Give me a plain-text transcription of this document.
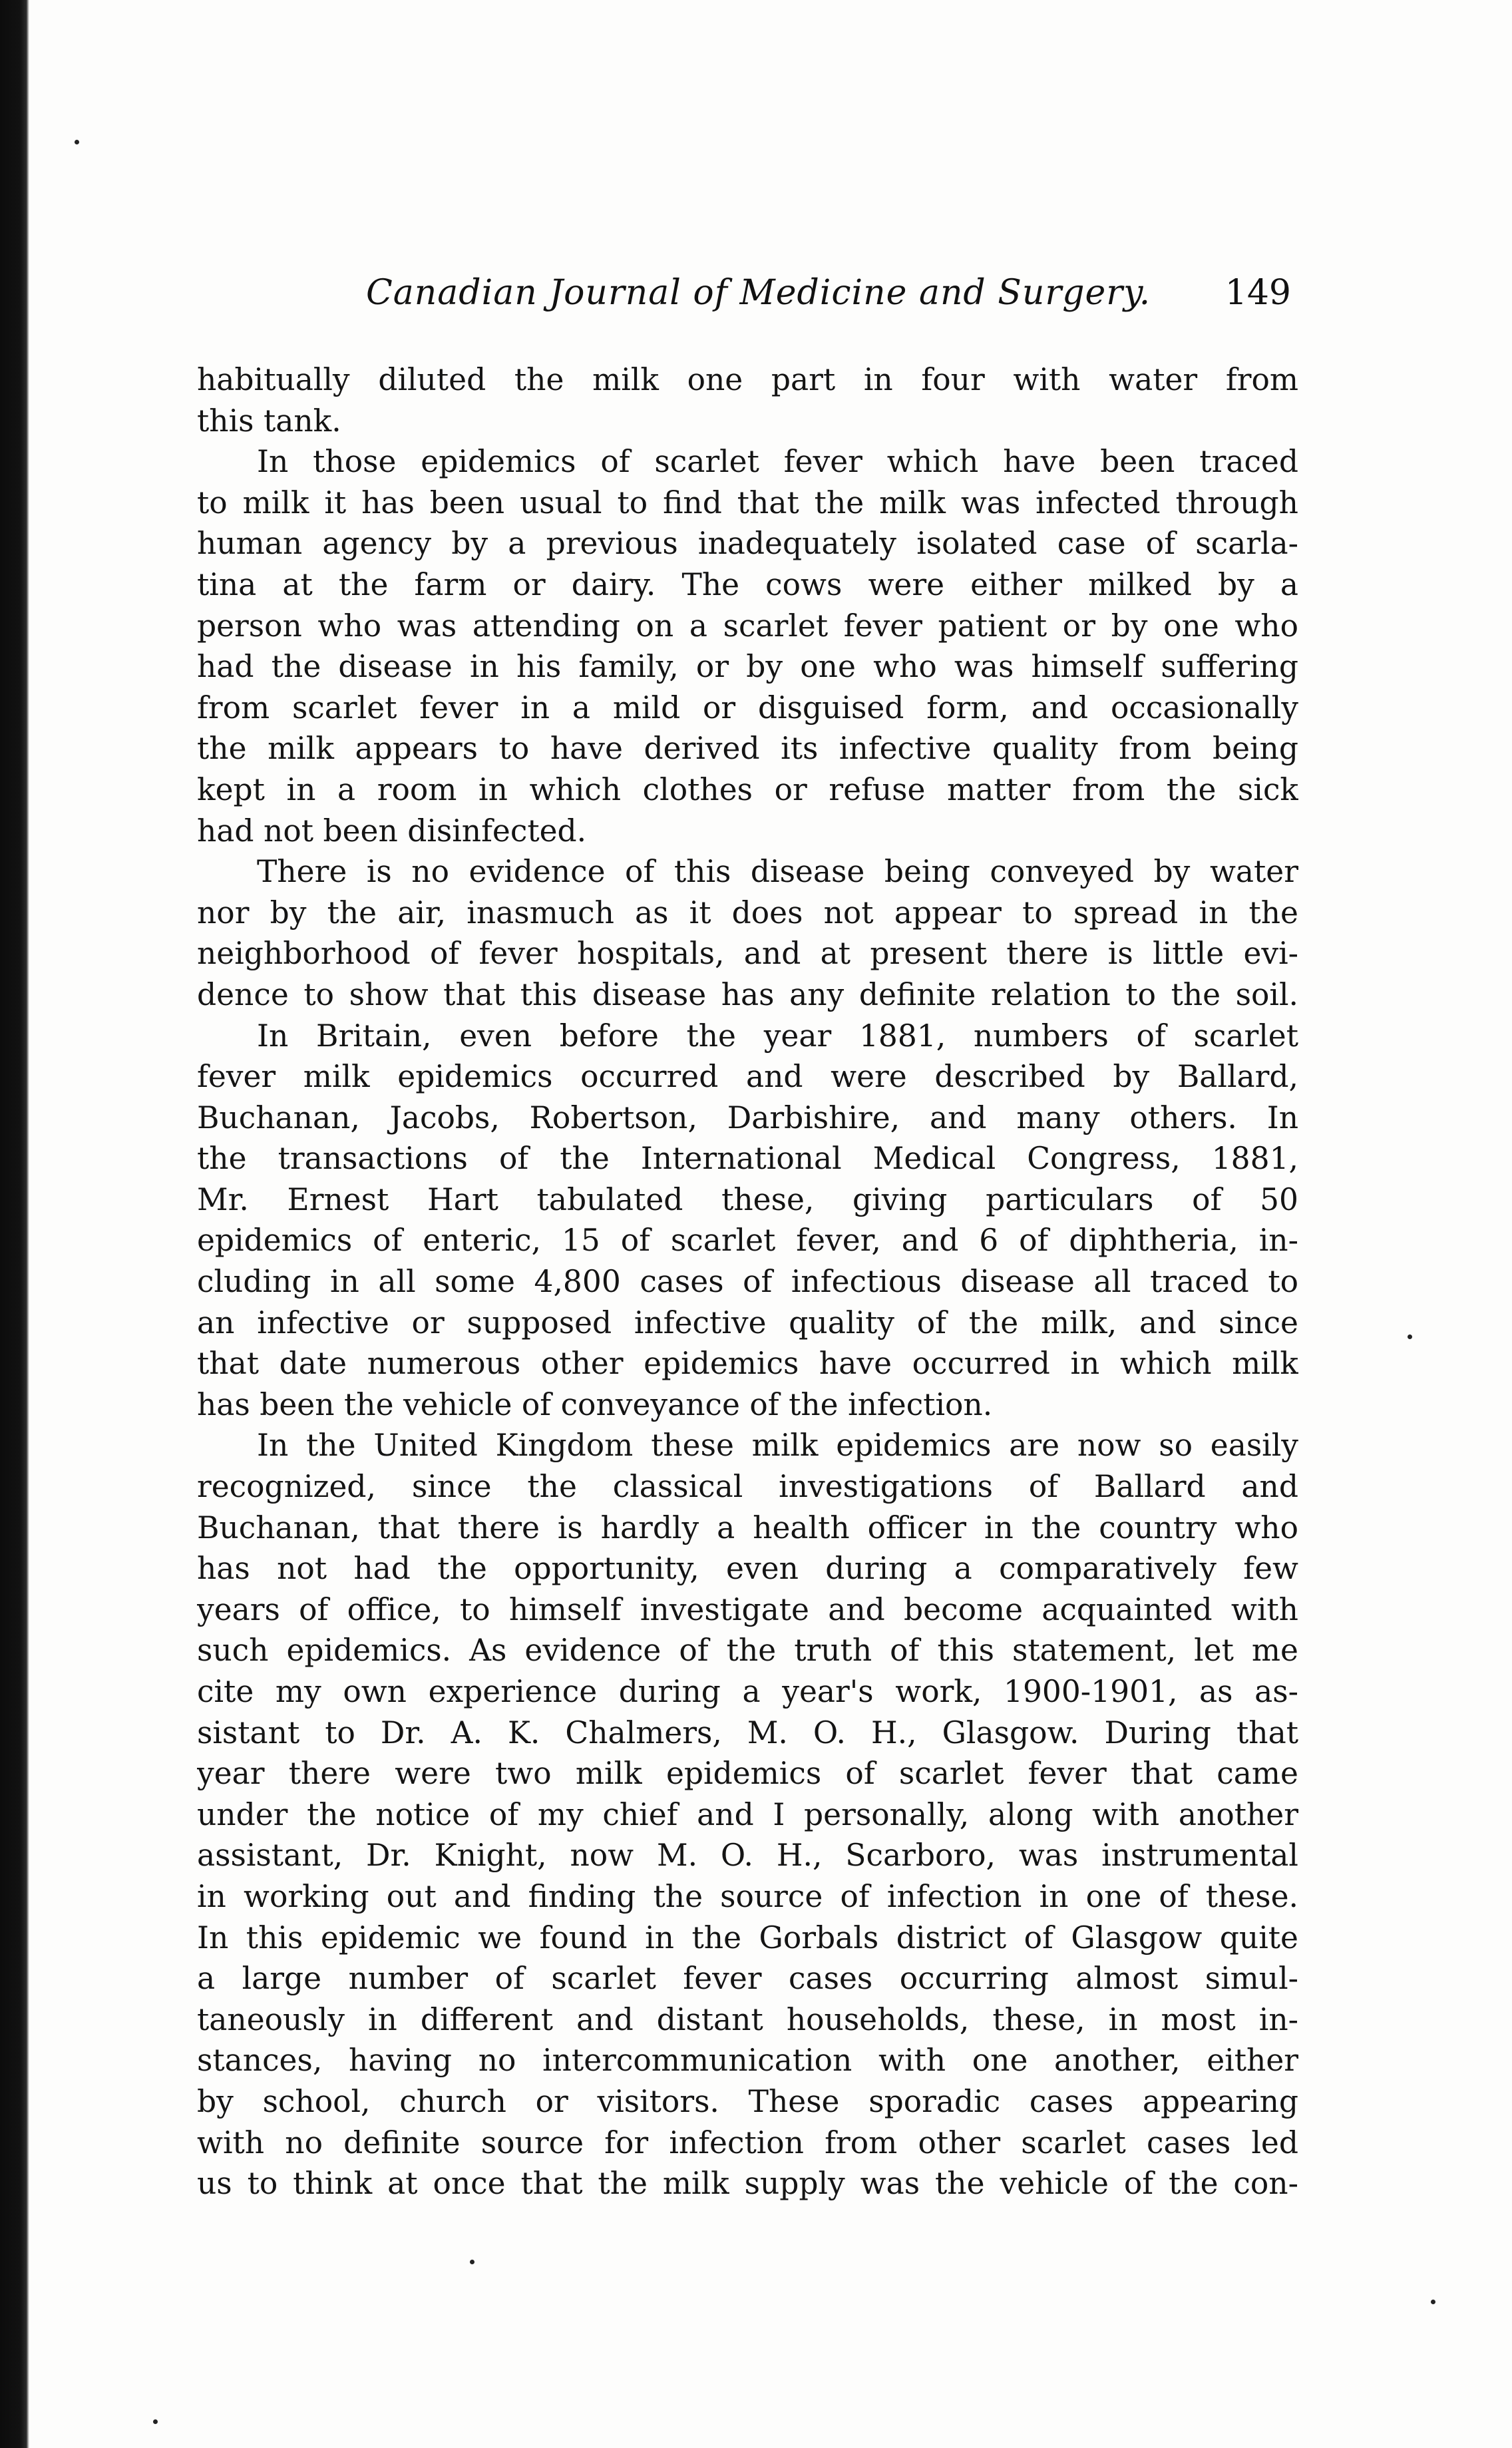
Canadian Journal of Medicine and Surgery. 149
habitually diluted the milk one part in four with water from
this tank.
In those epidemics of scarlet fever which have been traced
to milk it has been usual to find that the milk was infected through
human agency by a previous inadequately isolated case of scarla-
tina at the farm or dairy. The cows were either milked by a
person who was attending on a scarlet fever patient or by one who
had the disease in his family, or by one who was himself suffering
from scarlet fever in a mild or disguised form, and occasionally
the milk appears to have derived its infective quality from being
kept in a room in which clothes or refuse matter from the sick
had not been disinfected.
There is no evidence of this disease being conveyed by water
nor by the air, inasmuch as it does not appear to spread in the
neighborhood of fever hospitals, and at present there is little evi-
dence to show that this disease has any definite relation to the soil.
In Britain, even before the year 1881, numbers of scarlet
fever milk epidemics occurred and were described by Ballard,
Buchanan, Jacobs, Robertson, Darbishire, and many others. In
the transactions of the International Medical Congress, 1881,
Mr. Ernest Hart tabulated these, giving particulars of 50
epidemics of enteric, 15 of scarlet fever, and 6 of diphtheria, in-
cluding in all some 4,800 cases of infectious disease all traced to
an infective or supposed infective quality of the milk, and since
that date numerous other epidemics have occurred in which milk
has been the vehicle of conveyance of the infection.
In the United Kingdom these milk epidemics are now so easily
recognized, since the classical investigations of Ballard and
Buchanan, that there is hardly a health officer in the country who
has not had the opportunity, even during a comparatively few
years of office, to himself investigate and become acquainted with
such epidemics. As evidence of the truth of this statement, let me
cite my own experience during a year's work, 1900-1901, as as-
sistant to Dr. A. K. Chalmers, M. O. H., Glasgow. During that
year there were two milk epidemics of scarlet fever that came
under the notice of my chief and I personally, along with another
assistant, Dr. Knight, now M. O. H., Scarboro, was instrumental
in working out and finding the source of infection in one of these.
In this epidemic we found in the Gorbals district of Glasgow quite
a large number of scarlet fever cases occurring almost simul-
taneously in different and distant households, these, in most in-
stances, having no intercommunication with one another, either
by school, church or visitors. These sporadic cases appearing
with no definite source for infection from other scarlet cases led
us to think at once that the milk supply was the vehicle of the con-
